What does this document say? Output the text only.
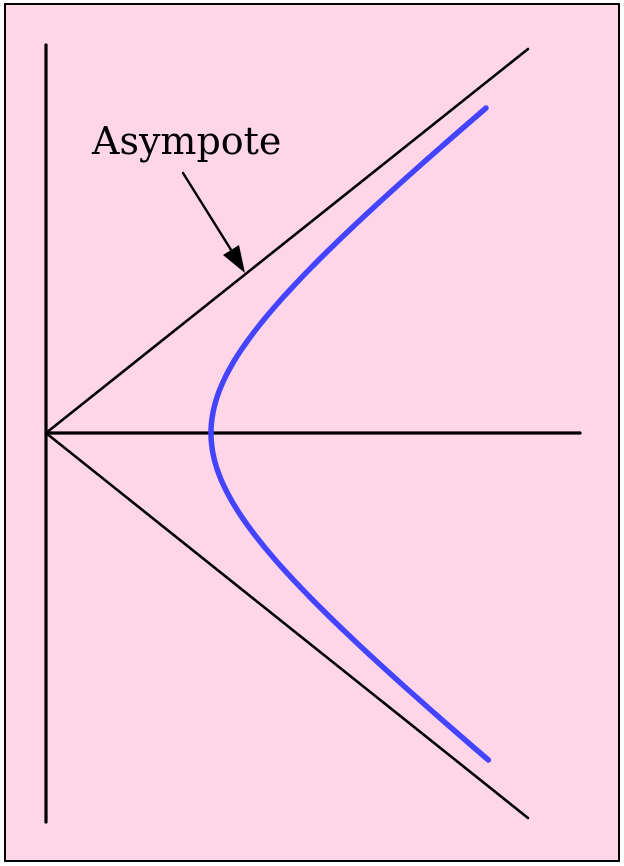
Asympote
